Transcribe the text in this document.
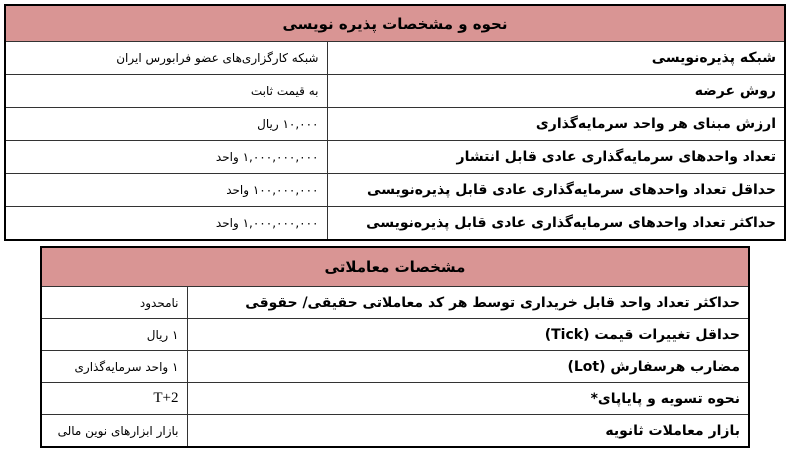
نحوه و مشخصات پذیره نویسی	
شبکه پذیره‌نویسی	شبکه کارگزاری‌های عضو فرابورس ایران
روش عرضه	به قیمت ثابت
ارزش مبنای هر واحد سرمایه‌گذاری	۱۰,۰۰۰ ریال
تعداد واحدهای سرمایه‌گذاری عادی قابل انتشار	۱,۰۰۰,۰۰۰,۰۰۰ واحد
حداقل تعداد واحدهای سرمایه‌گذاری عادی قابل پذیره‌نویسی	۱۰۰,۰۰۰,۰۰۰ واحد
حداکثر تعداد واحدهای سرمایه‌گذاری عادی قابل پذیره‌نویسی	۱,۰۰۰,۰۰۰,۰۰۰ واحد
مشخصات معاملاتی	
حداکثر تعداد واحد قابل خریداری توسط هر کد معاملاتی حقیقی/ حقوقی	نامحدود
حداقل تغییرات قیمت (Tick)	۱ ریال
مضارب هرسفارش (Lot)	۱ واحد سرمایه‌گذاری
نحوه تسویه و پایاپای*	T+2
بازار معاملات ثانویه	بازار ابزارهای نوین مالی
